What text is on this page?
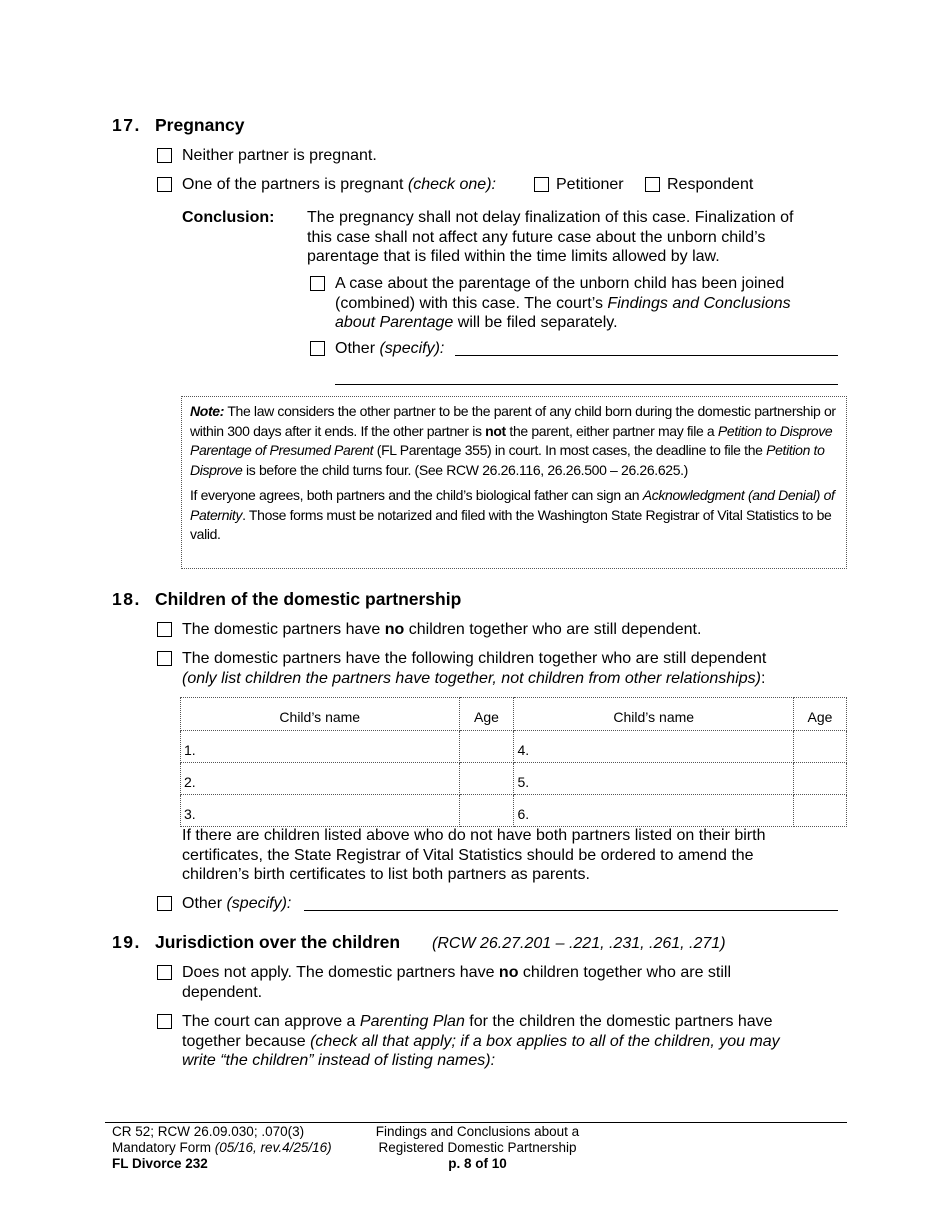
17. Pregnancy
Neither partner is pregnant.
One of the partners is pregnant (check one):	Petitioner	Respondent
Conclusion: The pregnancy shall not delay finalization of this case. Finalization of
this case shall not affect any future case about the unborn child’s
parentage that is filed within the time limits allowed by law.
A case about the parentage of the unborn child has been joined
(combined) with this case. The court’s Findings and Conclusions
about Parentage will be filed separately.
Other (specify):

Note: The law considers the other partner to be the parent of any child born during the domestic partnership or within 300 days after it ends. If the other partner is not the parent, either partner may file a Petition to Disprove Parentage of Presumed Parent (FL Parentage 355) in court. In most cases, the deadline to file the Petition to Disprove is before the child turns four. (See RCW 26.26.116, 26.26.500 – 26.26.625.)

If everyone agrees, both partners and the child’s biological father can sign an Acknowledgment (and Denial) of Paternity. Those forms must be notarized and filed with the Washington State Registrar of Vital Statistics to be valid.

18. Children of the domestic partnership
The domestic partners have no children together who are still dependent.
The domestic partners have the following children together who are still dependent
(only list children the partners have together, not children from other relationships):
Child’s name	Age	Child’s name	Age
1.		4.	
2.		5.	
3.		6.	
If there are children listed above who do not have both partners listed on their birth
certificates, the State Registrar of Vital Statistics should be ordered to amend the
children’s birth certificates to list both partners as parents.
Other (specify):
19. Jurisdiction over the children (RCW 26.27.201 – .221, .231, .261, .271)
Does not apply. The domestic partners have no children together who are still
dependent.
The court can approve a Parenting Plan for the children the domestic partners have
together because (check all that apply; if a box applies to all of the children, you may
write “the children” instead of listing names):
CR 52; RCW 26.09.030; .070(3)
Mandatory Form (05/16, rev.4/25/16)
FL Divorce 232
Findings and Conclusions about a
Registered Domestic Partnership
p. 8 of 10
